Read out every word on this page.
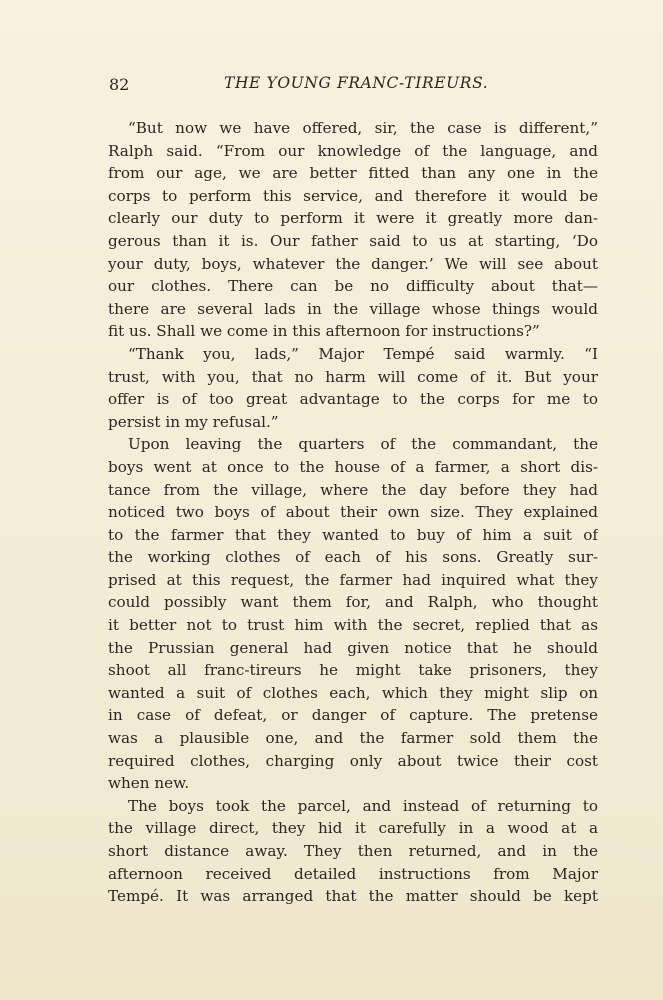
82	THE YOUNG FRANC-TIREURS.
“But now we have offered, sir, the case is different,”
Ralph said. “From our knowledge of the language, and
from our age, we are better fitted than any one in the
corps to perform this service, and therefore it would be
clearly our duty to perform it were it greatly more dan-
gerous than it is. Our father said to us at starting, ‘Do
your duty, boys, whatever the danger.’ We will see about
our clothes. There can be no difficulty about that—
there are several lads in the village whose things would
fit us. Shall we come in this afternoon for instructions?”
“Thank you, lads,” Major Tempé said warmly. “I
trust, with you, that no harm will come of it. But your
offer is of too great advantage to the corps for me to
persist in my refusal.”
Upon leaving the quarters of the commandant, the
boys went at once to the house of a farmer, a short dis-
tance from the village, where the day before they had
noticed two boys of about their own size. They explained
to the farmer that they wanted to buy of him a suit of
the working clothes of each of his sons. Greatly sur-
prised at this request, the farmer had inquired what they
could possibly want them for, and Ralph, who thought
it better not to trust him with the secret, replied that as
the Prussian general had given notice that he should
shoot all franc-tireurs he might take prisoners, they
wanted a suit of clothes each, which they might slip on
in case of defeat, or danger of capture. The pretense
was a plausible one, and the farmer sold them the
required clothes, charging only about twice their cost
when new.
The boys took the parcel, and instead of returning to
the village direct, they hid it carefully in a wood at a
short distance away. They then returned, and in the
afternoon received detailed instructions from Major
Tempé. It was arranged that the matter should be kept
